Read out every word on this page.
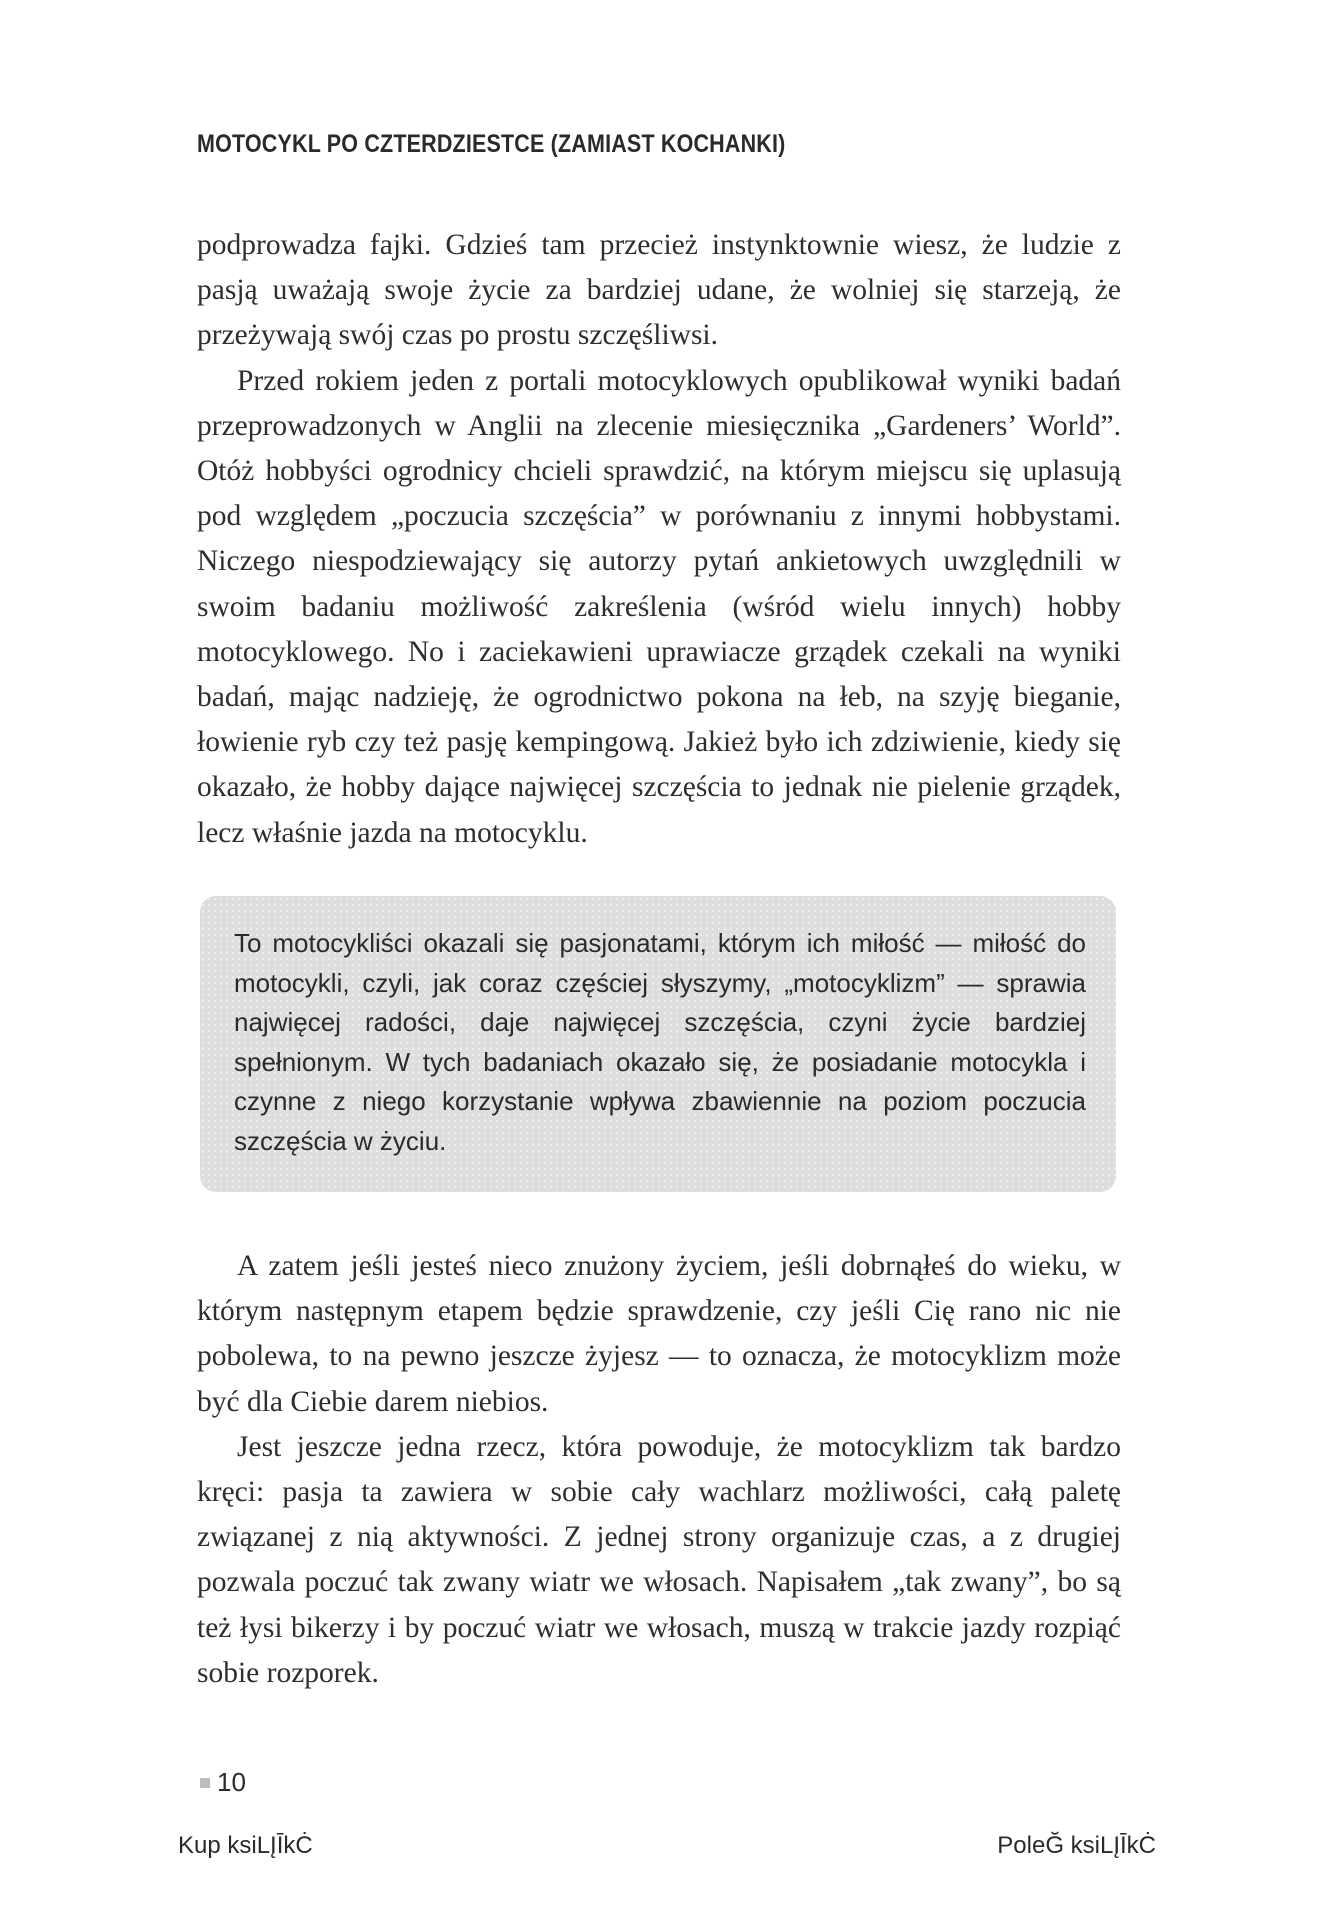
MOTOCYKL PO CZTERDZIESTCE (ZAMIAST KOCHANKI)

podprowadza fajki. Gdzieś tam przecież instynktownie wiesz, że ludzie z pasją uważają swoje życie za bardziej udane, że wolniej się starzeją, że przeżywają swój czas po prostu szczęśliwsi.

Przed rokiem jeden z portali motocyklowych opublikował wyniki badań przeprowadzonych w Anglii na zlecenie miesięcznika „Gardeners’ World”. Otóż hobbyści ogrodnicy chcieli sprawdzić, na którym miejscu się uplasują pod względem „poczucia szczęścia” w porównaniu z innymi hobbystami. Niczego niespodziewający się autorzy pytań ankietowych uwzględnili w swoim badaniu możliwość zakreślenia (wśród wielu innych) hobby motocyklowego. No i zaciekawieni uprawiacze grządek czekali na wyniki badań, mając nadzieję, że ogrodnictwo pokona na łeb, na szyję bieganie, łowienie ryb czy też pasję kempingową. Jakież było ich zdziwienie, kiedy się okazało, że hobby dające najwięcej szczęścia to jednak nie pielenie grządek, lecz właśnie jazda na motocyklu.

To motocykliści okazali się pasjonatami, którym ich miłość — miłość do motocykli, czyli, jak coraz częściej słyszymy, „motocyklizm” — sprawia najwięcej radości, daje najwięcej szczęścia, czyni życie bardziej spełnionym. W tych badaniach okazało się, że posiadanie motocykla i czynne z niego korzystanie wpływa zbawiennie na poziom poczucia szczęścia w życiu.

A zatem jeśli jesteś nieco znużony życiem, jeśli dobrnąłeś do wieku, w którym następnym etapem będzie sprawdzenie, czy jeśli Cię rano nic nie pobolewa, to na pewno jeszcze żyjesz — to oznacza, że motocyklizm może być dla Ciebie darem niebios.

Jest jeszcze jedna rzecz, która powoduje, że motocyklizm tak bardzo kręci: pasja ta zawiera w sobie cały wachlarz możliwości, całą paletę związanej z nią aktywności. Z jednej strony organizuje czas, a z drugiej pozwala poczuć tak zwany wiatr we włosach. Napisałem „tak zwany”, bo są też łysi bikerzy i by poczuć wiatr we włosach, muszą w trakcie jazdy rozpiąć sobie rozporek.

10
Kup ksiLĮĪkĊ	PoleĞ ksiLĮĪkĊ
